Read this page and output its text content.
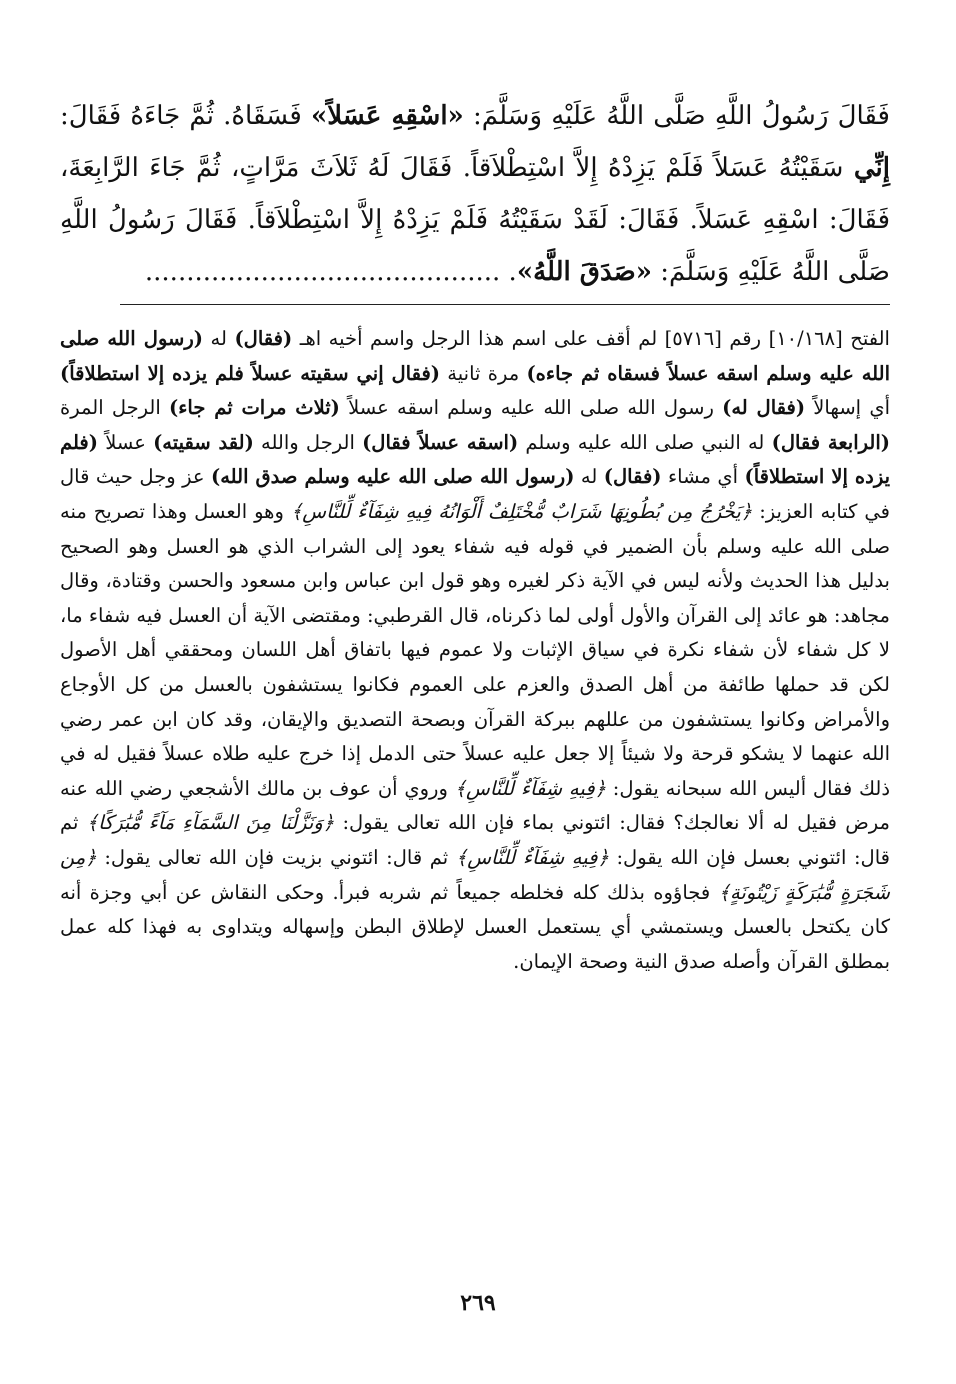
فَقَالَ رَسُولُ اللَّهِ صَلَّى اللَّهُ عَلَيْهِ وَسَلَّمَ: «اسْقِهِ عَسَلاً» فَسَقَاهُ. ثُمَّ جَاءَهُ فَقَالَ: إِنِّي سَقَيْتُهُ عَسَلاً فَلَمْ يَزِدْهُ إِلاَّ اسْتِطْلاَقاً. فَقَالَ لَهُ ثَلاَثَ مَرَّاتٍ، ثُمَّ جَاءَ الرَّابِعَةَ، فَقَالَ: اسْقِهِ عَسَلاً. فَقَالَ: لَقَدْ سَقَيْتُهُ فَلَمْ يَزِدْهُ إِلاَّ اسْتِطْلاَقاً. فَقَالَ رَسُولُ اللَّهِ صَلَّى اللَّهُ عَلَيْهِ وَسَلَّمَ: «صَدَقَ اللَّهُ». ...........................................

الفتح [١٠/١٦٨] رقم [٥٧١٦] لم أقف على اسم هذا الرجل واسم أخيه اهـ (فقال) له (رسول الله صلى الله عليه وسلم اسقه عسلاً فسقاه ثم جاءه) مرة ثانية (فقال إني سقيته عسلاً فلم يزده إلا استطلاقاً) أي إسهالاً (فقال له) رسول الله صلى الله عليه وسلم اسقه عسلاً (ثلاث مرات ثم جاء) الرجل المرة (الرابعة فقال) له النبي صلى الله عليه وسلم (اسقه عسلاً فقال) الرجل والله (لقد سقيته) عسلاً (فلم يزده إلا استطلاقاً) أي مشاء (فقال) له (رسول الله صلى الله عليه وسلم صدق الله) عز وجل حيث قال في كتابه العزيز: ﴿يَخْرُجُ مِن بُطُونِهَا شَرَابٌ مُّخْتَلِفٌ أَلْوَانُهُ فِيهِ شِفَآءٌ لِّلنَّاسِ﴾ وهو العسل وهذا تصريح منه صلى الله عليه وسلم بأن الضمير في قوله فيه شفاء يعود إلى الشراب الذي هو العسل وهو الصحيح بدليل هذا الحديث ولأنه ليس في الآية ذكر لغيره وهو قول ابن عباس وابن مسعود والحسن وقتادة، وقال مجاهد: هو عائد إلى القرآن والأول أولى لما ذكرناه، قال القرطبي: ومقتضى الآية أن العسل فيه شفاء ما، لا كل شفاء لأن شفاء نكرة في سياق الإثبات ولا عموم فيها باتفاق أهل اللسان ومحققي أهل الأصول لكن قد حملها طائفة من أهل الصدق والعزم على العموم فكانوا يستشفون بالعسل من كل الأوجاع والأمراض وكانوا يستشفون من عللهم ببركة القرآن وبصحة التصديق والإيقان، وقد كان ابن عمر رضي الله عنهما لا يشكو قرحة ولا شيئاً إلا جعل عليه عسلاً حتى الدمل إذا خرج عليه طلاه عسلاً فقيل له في ذلك فقال أليس الله سبحانه يقول: ﴿فِيهِ شِفَآءٌ لِّلنَّاسِ﴾ وروي أن عوف بن مالك الأشجعي رضي الله عنه مرض فقيل له ألا نعالجك؟ فقال: ائتوني بماء فإن الله تعالى يقول: ﴿وَنَزَّلْنَا مِنَ السَّمَآءِ مَآءً مُّبَٰرَكًا﴾ ثم قال: ائتوني بعسل فإن الله يقول: ﴿فِيهِ شِفَآءٌ لِّلنَّاسِ﴾ ثم قال: ائتوني بزيت فإن الله تعالى يقول: ﴿مِن شَجَرَةٍ مُّبَٰرَكَةٍ زَيْتُونَةٍ﴾ فجاؤوه بذلك كله فخلطه جميعاً ثم شربه فبرأ. وحكى النقاش عن أبي وجزة أنه كان يكتحل بالعسل ويستمشي أي يستعمل العسل لإطلاق البطن وإسهاله ويتداوى به فهذا كله عمل بمطلق القرآن وأصله صدق النية وصحة الإيمان.

٢٦٩
